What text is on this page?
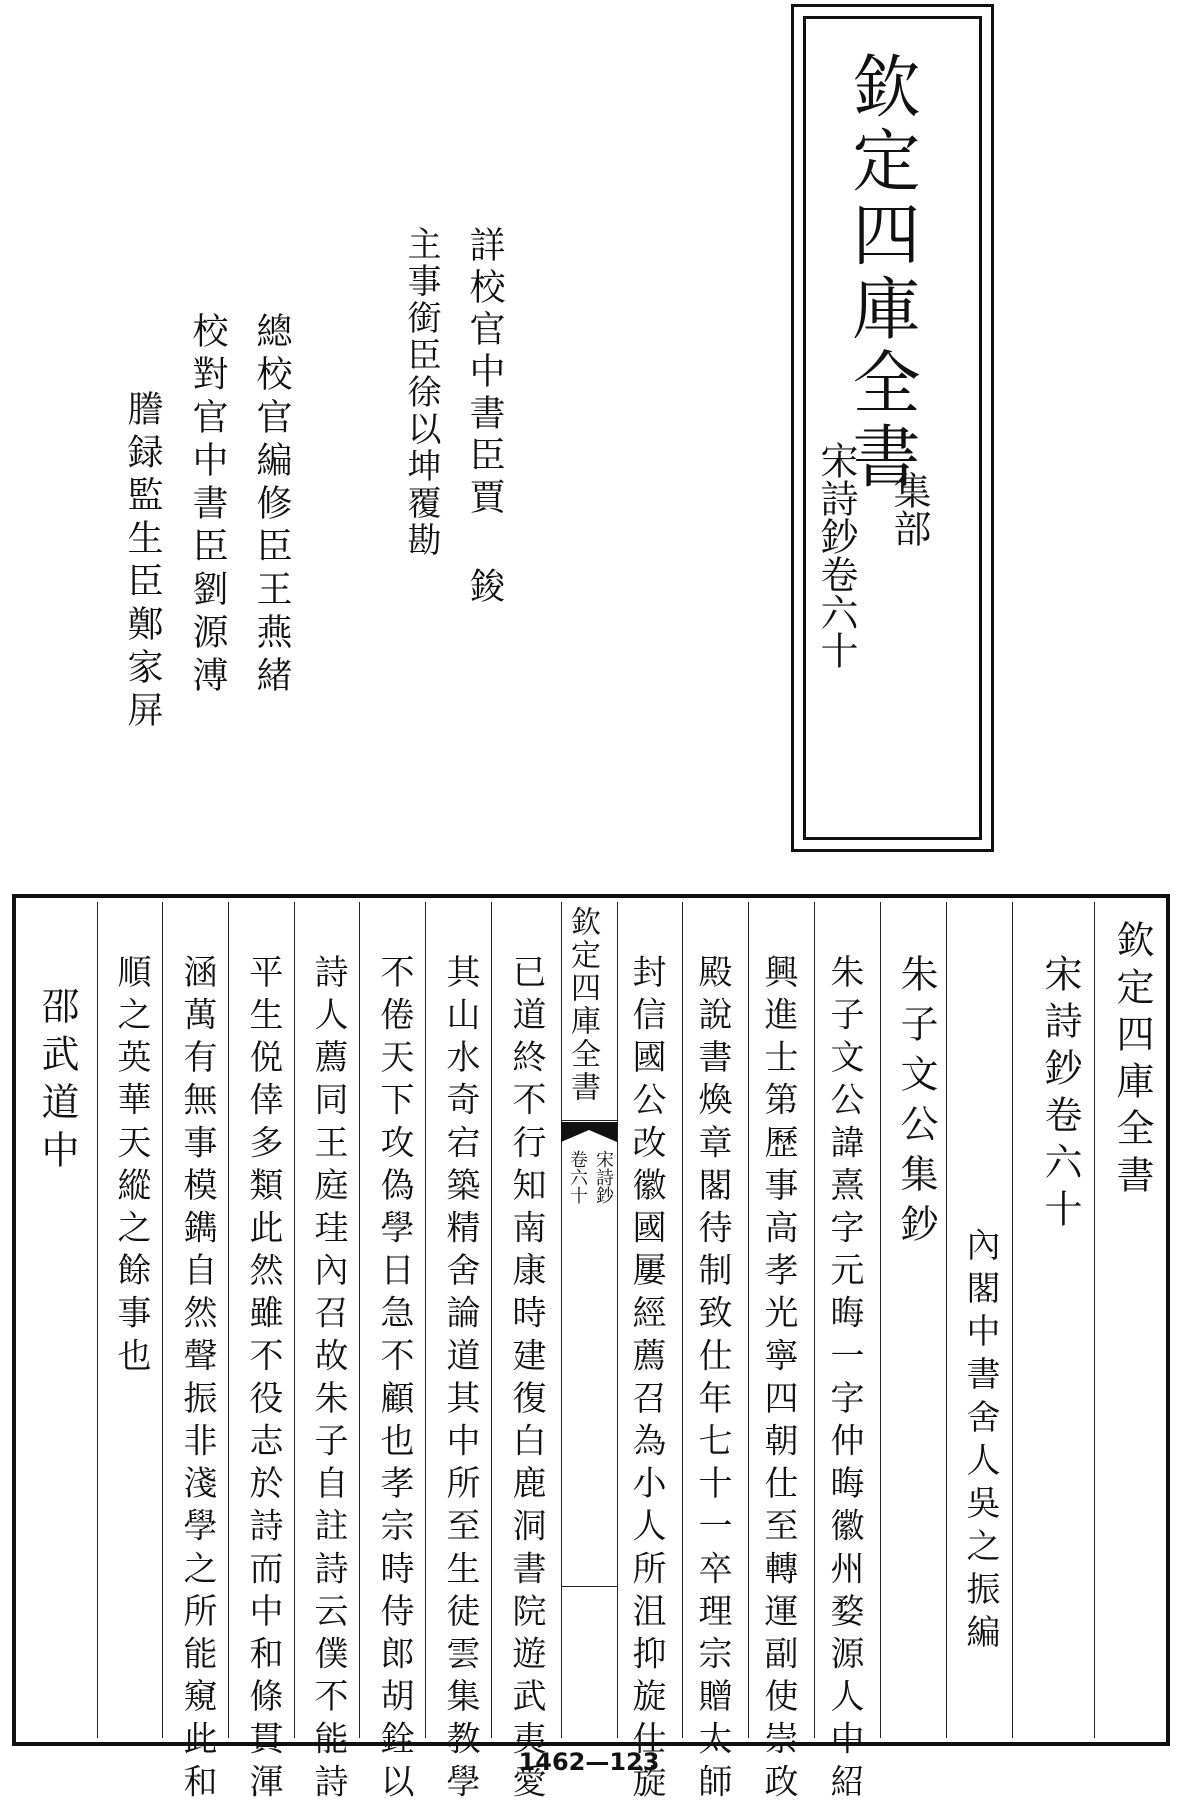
欽定四庫全書
集部
宋詩鈔卷六十
詳校官中書臣賈 鋑
主事銜臣徐以坤覆勘
總校官編修臣王燕緒
校對官中書臣劉源溥
謄録監生臣鄭家屏
欽定四庫全書
宋詩鈔卷六十
內閣中書舍人吳之振編
朱子文公集鈔
朱子文公諱熹字元晦一字仲晦徽州婺源人中紹
興進士第歷事高孝光寧四朝仕至轉運副使崇政
殿說書煥章閣待制致仕年七十一卒理宗贈太師
封信國公改徽國屢經薦召為小人所沮抑旋仕旋
欽定四庫全書
宋詩鈔
卷六十
已道終不行知南康時建復白鹿洞書院遊武夷愛
其山水奇宕築精舍論道其中所至生徒雲集教學
不倦天下攻偽學日急不顧也孝宗時侍郎胡銓以
詩人薦同王庭珪內召故朱子自註詩云僕不能詩
平生侻倖多類此然雖不役志於詩而中和條貫渾
涵萬有無事模鐫自然聲振非淺學之所能窺此和
順之英華天縱之餘事也
邵武道中
1462—123
